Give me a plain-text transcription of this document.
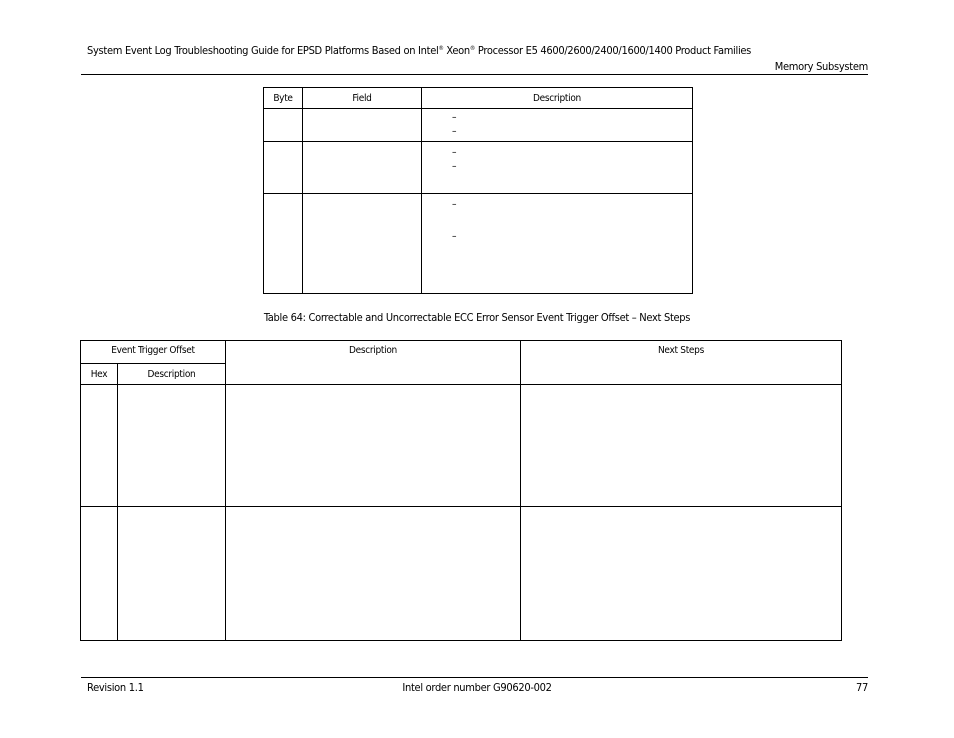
System Event Log Troubleshooting Guide for EPSD Platforms Based on Intel® Xeon® Processor E5 4600/2600/2400/1600/1400 Product Families
Memory Subsystem
Byte	Field	Description

		–
–

		–
–

		–
–
Table 64: Correctable and Uncorrectable ECC Error Sensor Event Trigger Offset – Next Steps
Event Trigger Offset		Description	Next Steps
Hex	Description		

Revision 1.1	Intel order number G90620-002	77
